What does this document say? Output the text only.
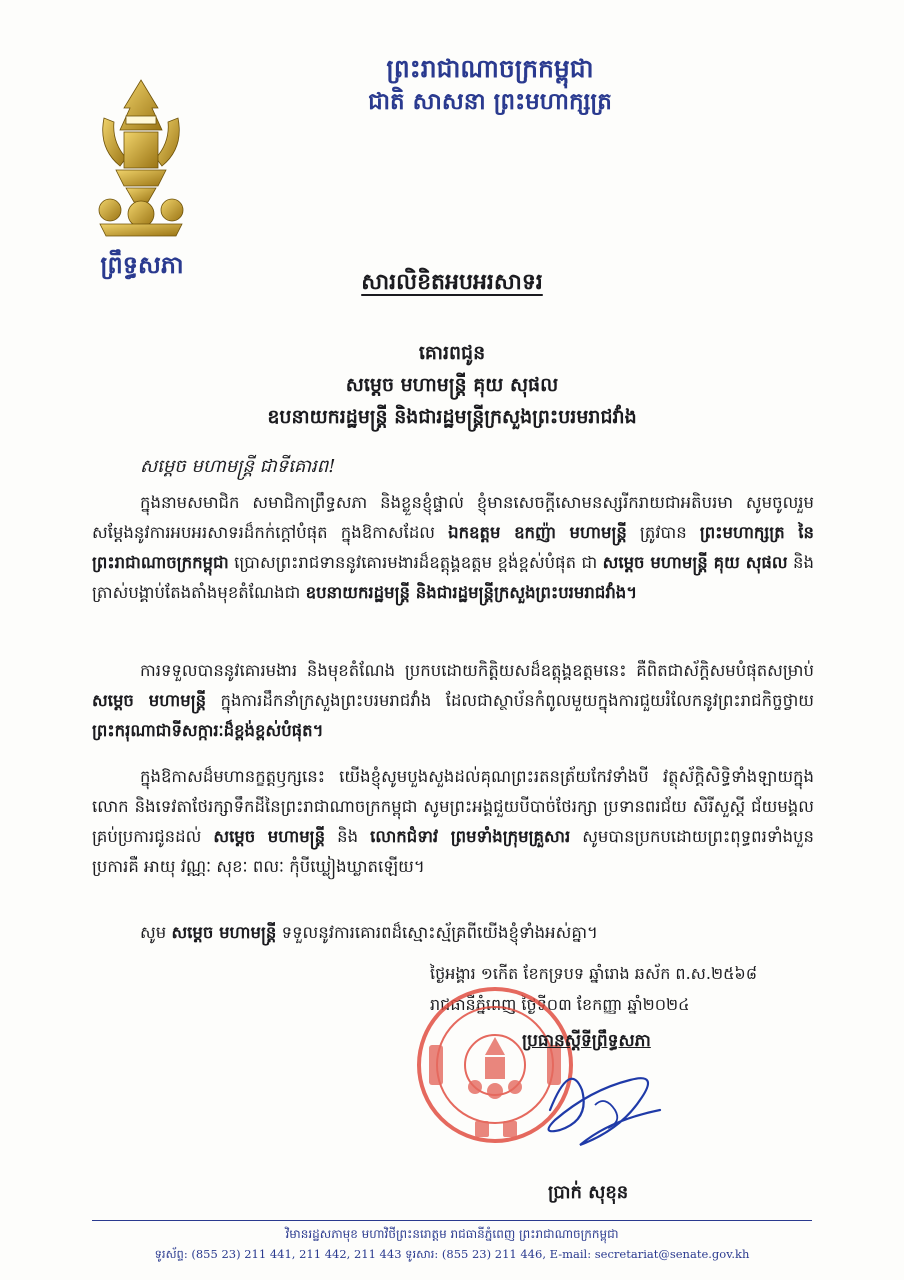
ព្រះរាជាណាចក្រកម្ពុជា
ជាតិ សាសនា ព្រះមហាក្សត្រ
ព្រឹទ្ធសភា
សារលិខិតអបអរសាទរ
គោរពជូន
សម្តេច មហាមន្ត្រី គុយ សុផល
ឧបនាយករដ្ឋមន្ត្រី និងជារដ្ឋមន្ត្រីក្រសួងព្រះបរមរាជវាំង
សម្តេច មហាមន្ត្រី ជាទីគោរព!
ក្នុងនាមសមាជិក សមាជិកាព្រឹទ្ធសភា និងខ្លួនខ្ញុំផ្ទាល់ ខ្ញុំមានសេចក្តីសោមនស្សរីករាយជាអតិបរមា សូមចូលរួមសម្តែងនូវការអបអរសាទរដ៏កក់ក្តៅបំផុត ក្នុងឱកាសដែល ឯកឧត្តម ឧកញ៉ា មហាមន្ត្រី ត្រូវបាន ព្រះមហាក្សត្រ នៃព្រះរាជាណាចក្រកម្ពុជា ប្រោសព្រះរាជទាននូវគោរមងារដ៏ឧត្តុង្គឧត្តម ខ្ពង់ខ្ពស់បំផុត ជា សម្តេច មហាមន្ត្រី គុយ សុផល និងត្រាស់បង្គាប់តែងតាំងមុខតំណែងជា ឧបនាយករដ្ឋមន្ត្រី និងជារដ្ឋមន្ត្រីក្រសួងព្រះបរមរាជវាំង។
ការទទួលបាននូវគោរមងារ និងមុខតំណែង ប្រកបដោយកិត្តិយសដ៏ឧត្តុង្គឧត្តមនេះ គឺពិតជាស័ក្តិសមបំផុតសម្រាប់ សម្តេច មហាមន្ត្រី ក្នុងការដឹកនាំក្រសួងព្រះបរមរាជវាំង ដែលជាស្ថាប័នកំពូលមួយក្នុងការជួយរំលែកនូវព្រះរាជកិច្ចថ្វាយ ព្រះករុណាជាទីសក្ការៈដ៏ខ្ពង់ខ្ពស់បំផុត។
ក្នុងឱកាសដ៏មហានក្ខត្តឫក្សនេះ យើងខ្ញុំសូមបួងសួងដល់គុណព្រះរតនត្រ័យកែវទាំងបី វត្ថុស័ក្តិសិទ្ធិទាំងឡាយក្នុងលោក និងទេវតាថែរក្សាទឹកដីនៃព្រះរាជាណាចក្រកម្ពុជា សូមព្រះអង្គជួយបីបាច់ថែរក្សា ប្រទានពរជ័យ សិរីសួស្តី ជ័យមង្គលគ្រប់ប្រការជូនដល់ សម្តេច មហាមន្ត្រី និង លោកជំទាវ ព្រមទាំងក្រុមគ្រួសារ សូមបានប្រកបដោយព្រះពុទ្ធពរទាំងបួនប្រការគឺ អាយុ វណ្ណៈ សុខៈ ពលៈ កុំបីឃ្លៀងឃ្លាតឡើយ។
សូម សម្តេច មហាមន្ត្រី ទទួលនូវការគោរពដ៏ស្មោះស្ម័គ្រពីយើងខ្ញុំទាំងអស់គ្នា។
ថ្ងៃអង្គារ ១កើត ខែកទ្របទ ឆ្នាំរោង ឆស័ក ព.ស.២៥៦៨
រាជធានីភ្នំពេញ ថ្ងៃទី០៣ ខែកញ្ញា ឆ្នាំ២០២៤
ប្រធានស្តីទីព្រឹទ្ធសភា
ប្រាក់ សុខុន
វិមានរដ្ឋសភាមុខ មហាវិថីព្រះនរោត្តម រាជធានីភ្នំពេញ ព្រះរាជាណាចក្រកម្ពុជា
ទូរស័ព្ទ: (855 23) 211 441, 211 442, 211 443 ទូរសារ: (855 23) 211 446, E-mail: secretariat@senate.gov.kh
